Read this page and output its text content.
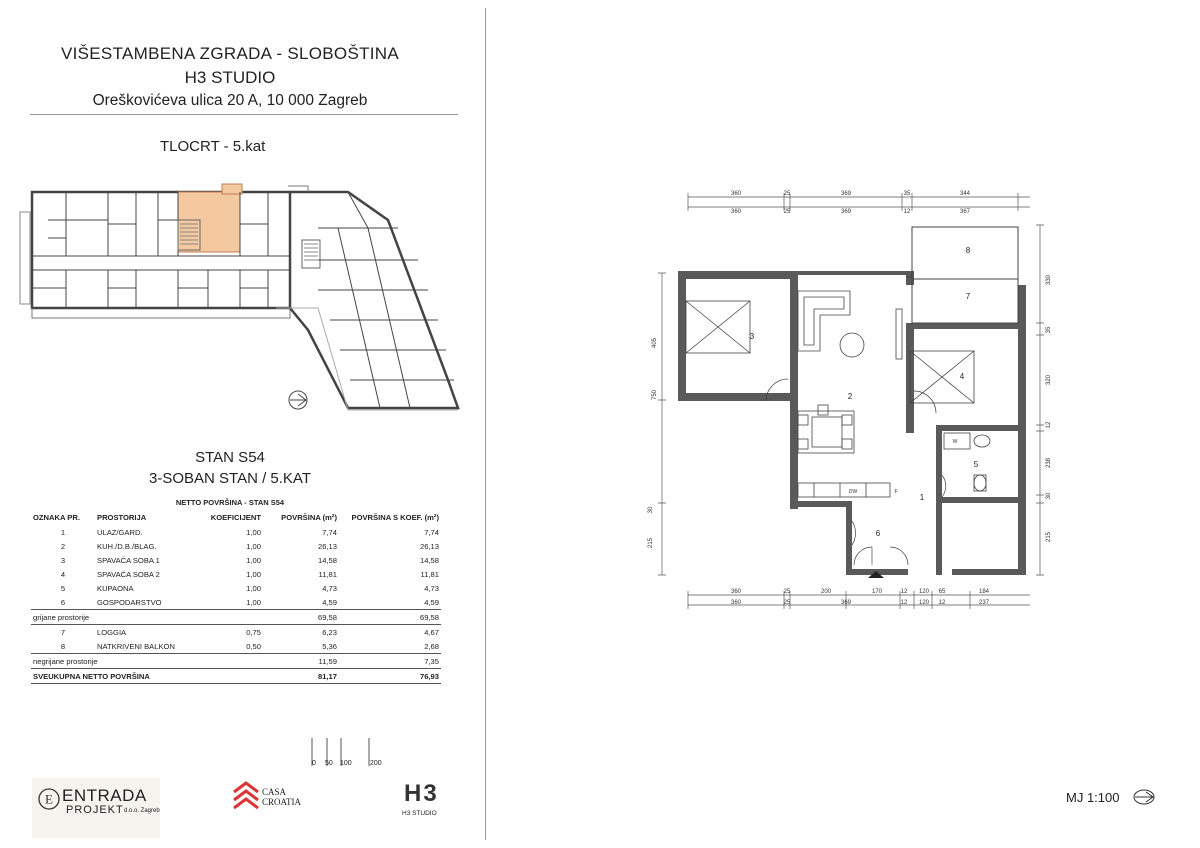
VIŠESTAMBENA ZGRADA - SLOBOŠTINA
H3 STUDIO
Oreškovićeva ulica 20 A, 10 000 Zagreb
TLOCRT - 5.kat
STAN S54
3-SOBAN STAN / 5.KAT
NETTO POVRŠINA - STAN S54
OZNAKA PR.	PROSTORIJA	KOEFICIJENT	POVRŠINA (m²)	POVRŠINA S KOEF. (m²)
1	ULAZ/GARD.	1,00	7,74	7,74
2	KUH./D.B./BLAG.	1,00	26,13	26,13
3	SPAVAĆA SOBA 1	1,00	14,58	14,58
4	SPAVAĆA SOBA 2	1,00	11,81	11,81
5	KUPAONA	1,00	4,73	4,73
6	GOSPODARSTVO	1,00	4,59	4,59
grijane prostorije			69,58	69,58
7	LOGGIA	0,75	6,23	4,67
8	NATKRIVENI BALKON	0,50	5,36	2,68
negrijane prostorije			11,59	7,35
SVEUKUPNA NETTO POVRŠINA			81,17	76,93
0 50 100	200
E ENTRADA
PROJEKT d.o.o. Zagreb
CASA
CROATIA	H3
H3 STUDIO
360	25	369	35	344
360	25	369	12	367
360	25	200	170	12 120 65	184
360	25	369	12 120 12	237
405
750
30
215
330
35
320
12
238
30
215
DW
W
F
1
2
3
4
5
6
7
8
MJ 1:100
